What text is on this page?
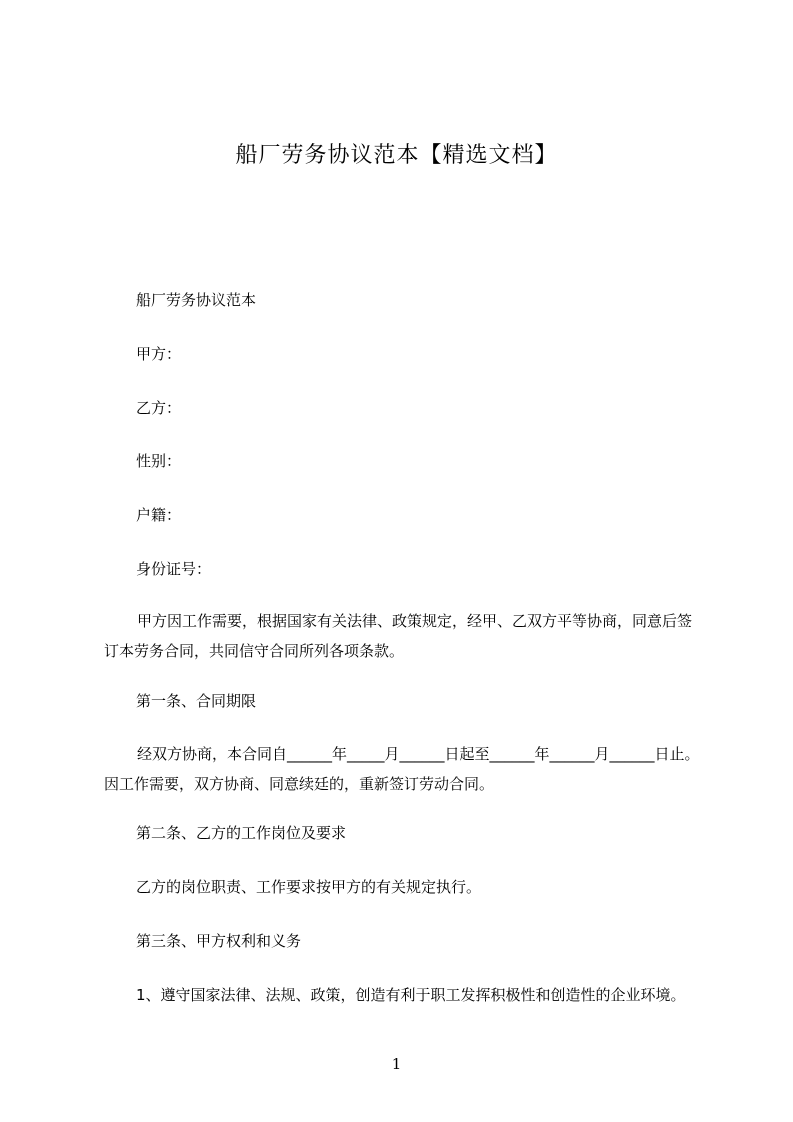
船厂劳务协议范本【精选文档】
船厂劳务协议范本
甲方：
乙方：
性别：
户籍：
身份证号：
甲方因工作需要，根据国家有关法律、政策规定，经甲、乙双方平等协商，同意后签订本劳务合同，共同信守合同所列各项条款。
第一条、合同期限
经双方协商，本合同自______年_____月______日起至______年______月______日止。因工作需要，双方协商、同意续廷的，重新签订劳动合同。
第二条、乙方的工作岗位及要求
乙方的岗位职责、工作要求按甲方的有关规定执行。
第三条、甲方权利和义务
1、遵守国家法律、法规、政策，创造有利于职工发挥积极性和创造性的企业环境。
1
